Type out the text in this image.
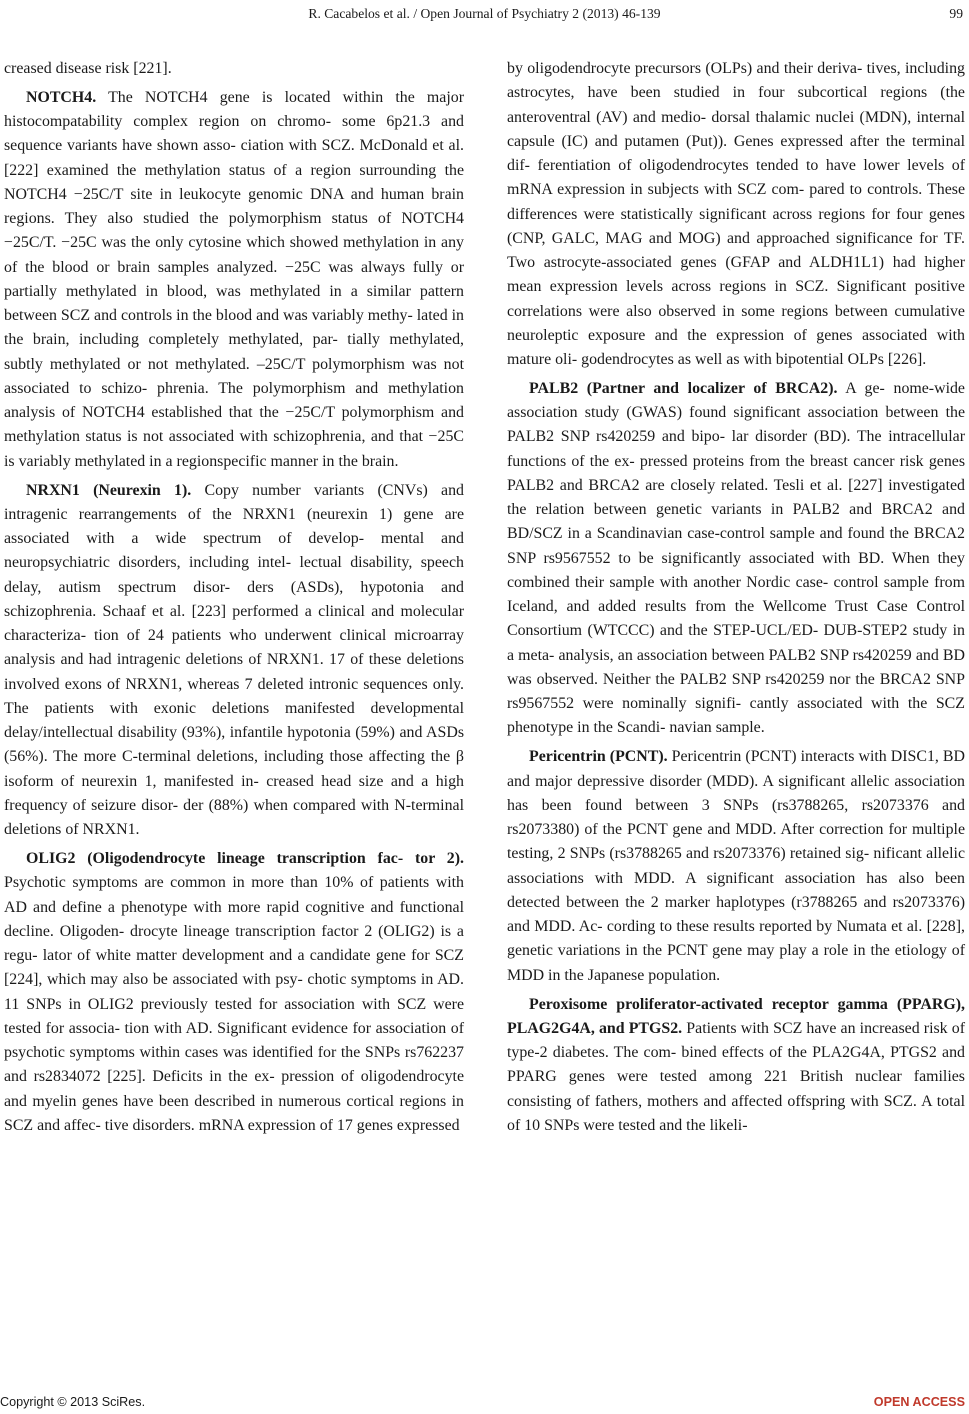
R. Cacabelos et al. / Open Journal of Psychiatry 2 (2013) 46-139	99

creased disease risk [221].

NOTCH4. The NOTCH4 gene is located within the major histocompatability complex region on chromo- some 6p21.3 and sequence variants have shown asso- ciation with SCZ. McDonald et al. [222] examined the methylation status of a region surrounding the NOTCH4 −25C/T site in leukocyte genomic DNA and human brain regions. They also studied the polymorphism status of NOTCH4 −25C/T. −25C was the only cytosine which showed methylation in any of the blood or brain samples analyzed. −25C was always fully or partially methylated in blood, was methylated in a similar pattern between SCZ and controls in the blood and was variably methy- lated in the brain, including completely methylated, par- tially methylated, subtly methylated or not methylated. –25C/T polymorphism was not associated to schizo- phrenia. The polymorphism and methylation analysis of NOTCH4 established that the −25C/T polymorphism and methylation status is not associated with schizophrenia, and that −25C is variably methylated in a regionspecific manner in the brain.

NRXN1 (Neurexin 1). Copy number variants (CNVs) and intragenic rearrangements of the NRXN1 (neurexin 1) gene are associated with a wide spectrum of develop- mental and neuropsychiatric disorders, including intel- lectual disability, speech delay, autism spectrum disor- ders (ASDs), hypotonia and schizophrenia. Schaaf et al. [223] performed a clinical and molecular characteriza- tion of 24 patients who underwent clinical microarray analysis and had intragenic deletions of NRXN1. 17 of these deletions involved exons of NRXN1, whereas 7 deleted intronic sequences only. The patients with exonic deletions manifested developmental delay/intellectual disability (93%), infantile hypotonia (59%) and ASDs (56%). The more C-terminal deletions, including those affecting the β isoform of neurexin 1, manifested in- creased head size and a high frequency of seizure disor- der (88%) when compared with N-terminal deletions of NRXN1.

OLIG2 (Oligodendrocyte lineage transcription fac- tor 2). Psychotic symptoms are common in more than 10% of patients with AD and define a phenotype with more rapid cognitive and functional decline. Oligoden- drocyte lineage transcription factor 2 (OLIG2) is a regu- lator of white matter development and a candidate gene for SCZ [224], which may also be associated with psy- chotic symptoms in AD. 11 SNPs in OLIG2 previously tested for association with SCZ were tested for associa- tion with AD. Significant evidence for association of psychotic symptoms within cases was identified for the SNPs rs762237 and rs2834072 [225]. Deficits in the ex- pression of oligodendrocyte and myelin genes have been described in numerous cortical regions in SCZ and affec- tive disorders. mRNA expression of 17 genes expressed

by oligodendrocyte precursors (OLPs) and their deriva- tives, including astrocytes, have been studied in four subcortical regions (the anteroventral (AV) and medio- dorsal thalamic nuclei (MDN), internal capsule (IC) and putamen (Put)). Genes expressed after the terminal dif- ferentiation of oligodendrocytes tended to have lower levels of mRNA expression in subjects with SCZ com- pared to controls. These differences were statistically significant across regions for four genes (CNP, GALC, MAG and MOG) and approached significance for TF. Two astrocyte-associated genes (GFAP and ALDH1L1) had higher mean expression levels across regions in SCZ. Significant positive correlations were also observed in some regions between cumulative neuroleptic exposure and the expression of genes associated with mature oli- godendrocytes as well as with bipotential OLPs [226].

PALB2 (Partner and localizer of BRCA2). A ge- nome-wide association study (GWAS) found significant association between the PALB2 SNP rs420259 and bipo- lar disorder (BD). The intracellular functions of the ex- pressed proteins from the breast cancer risk genes PALB2 and BRCA2 are closely related. Tesli et al. [227] investigated the relation between genetic variants in PALB2 and BRCA2 and BD/SCZ in a Scandinavian case-control sample and found the BRCA2 SNP rs9567552 to be significantly associated with BD. When they combined their sample with another Nordic case- control sample from Iceland, and added results from the Wellcome Trust Case Control Consortium (WTCCC) and the STEP-UCL/ED- DUB-STEP2 study in a meta- analysis, an association between PALB2 SNP rs420259 and BD was observed. Neither the PALB2 SNP rs420259 nor the BRCA2 SNP rs9567552 were nominally signifi- cantly associated with the SCZ phenotype in the Scandi- navian sample.

Pericentrin (PCNT). Pericentrin (PCNT) interacts with DISC1, BD and major depressive disorder (MDD). A significant allelic association has been found between 3 SNPs (rs3788265, rs2073376 and rs2073380) of the PCNT gene and MDD. After correction for multiple testing, 2 SNPs (rs3788265 and rs2073376) retained sig- nificant allelic associations with MDD. A significant association has also been detected between the 2 marker haplotypes (r3788265 and rs2073376) and MDD. Ac- cording to these results reported by Numata et al. [228], genetic variations in the PCNT gene may play a role in the etiology of MDD in the Japanese population.

Peroxisome proliferator-activated receptor gamma (PPARG), PLAG2G4A, and PTGS2. Patients with SCZ have an increased risk of type-2 diabetes. The com- bined effects of the PLA2G4A, PTGS2 and PPARG genes were tested among 221 British nuclear families consisting of fathers, mothers and affected offspring with SCZ. A total of 10 SNPs were tested and the likeli-

Copyright © 2013 SciRes.	OPEN ACCESS
